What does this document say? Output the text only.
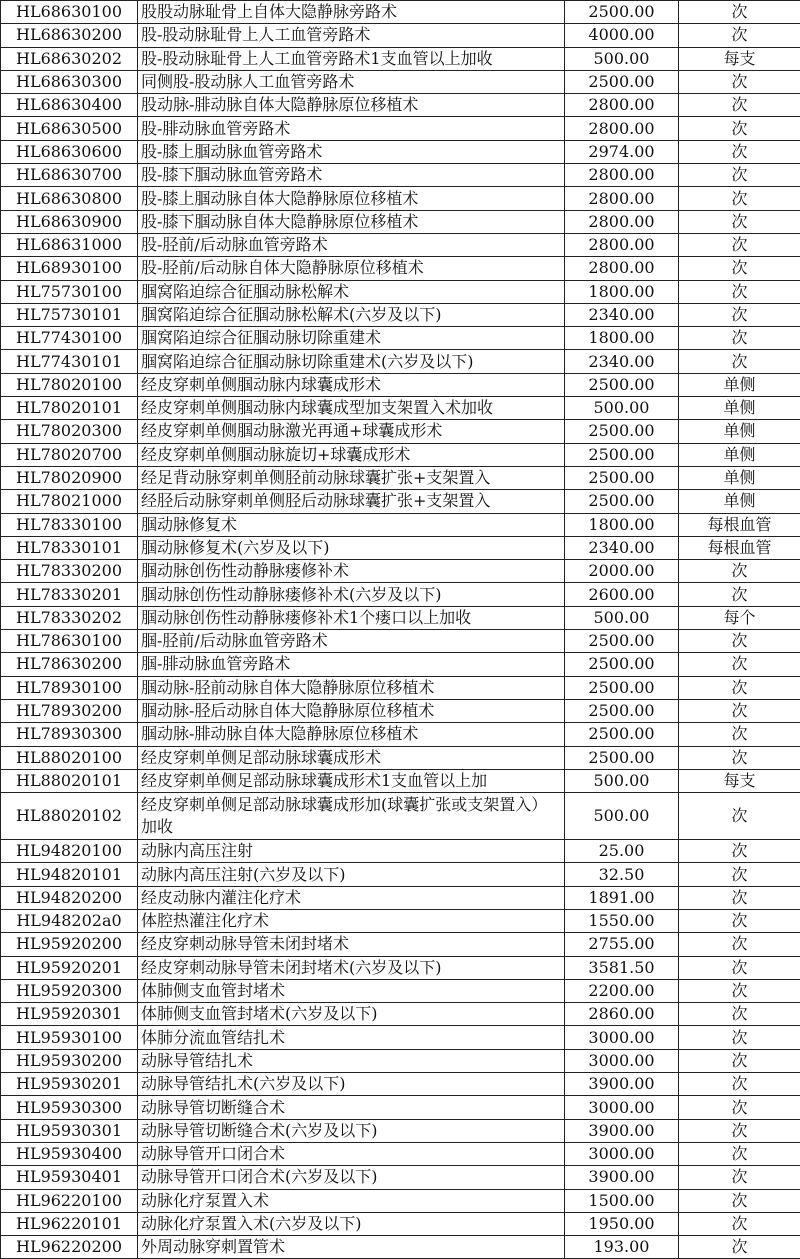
HL68630100	股股动脉耻骨上自体大隐静脉旁路术	2500.00	次
HL68630200	股-股动脉耻骨上人工血管旁路术	4000.00	次
HL68630202	股-股动脉耻骨上人工血管旁路术1支血管以上加收	500.00	每支
HL68630300	同侧股-股动脉人工血管旁路术	2500.00	次
HL68630400	股动脉-腓动脉自体大隐静脉原位移植术	2800.00	次
HL68630500	股-腓动脉血管旁路术	2800.00	次
HL68630600	股-膝上腘动脉血管旁路术	2974.00	次
HL68630700	股-膝下腘动脉血管旁路术	2800.00	次
HL68630800	股-膝上腘动脉自体大隐静脉原位移植术	2800.00	次
HL68630900	股-膝下腘动脉自体大隐静脉原位移植术	2800.00	次
HL68631000	股-胫前/后动脉血管旁路术	2800.00	次
HL68930100	股-胫前/后动脉自体大隐静脉原位移植术	2800.00	次
HL75730100	腘窝陷迫综合征腘动脉松解术	1800.00	次
HL75730101	腘窝陷迫综合征腘动脉松解术(六岁及以下)	2340.00	次
HL77430100	腘窝陷迫综合征腘动脉切除重建术	1800.00	次
HL77430101	腘窝陷迫综合征腘动脉切除重建术(六岁及以下)	2340.00	次
HL78020100	经皮穿刺单侧腘动脉内球囊成形术	2500.00	单侧
HL78020101	经皮穿刺单侧腘动脉内球囊成型加支架置入术加收	500.00	单侧
HL78020300	经皮穿刺单侧腘动脉激光再通+球囊成形术	2500.00	单侧
HL78020700	经皮穿刺单侧腘动脉旋切+球囊成形术	2500.00	单侧
HL78020900	经足背动脉穿刺单侧胫前动脉球囊扩张+支架置入	2500.00	单侧
HL78021000	经胫后动脉穿刺单侧胫后动脉球囊扩张+支架置入	2500.00	单侧
HL78330100	腘动脉修复术	1800.00	每根血管
HL78330101	腘动脉修复术(六岁及以下)	2340.00	每根血管
HL78330200	腘动脉创伤性动静脉瘘修补术	2000.00	次
HL78330201	腘动脉创伤性动静脉瘘修补术(六岁及以下)	2600.00	次
HL78330202	腘动脉创伤性动静脉瘘修补术1个瘘口以上加收	500.00	每个
HL78630100	腘-胫前/后动脉血管旁路术	2500.00	次
HL78630200	腘-腓动脉血管旁路术	2500.00	次
HL78930100	腘动脉-胫前动脉自体大隐静脉原位移植术	2500.00	次
HL78930200	腘动脉-胫后动脉自体大隐静脉原位移植术	2500.00	次
HL78930300	腘动脉-腓动脉自体大隐静脉原位移植术	2500.00	次
HL88020100	经皮穿刺单侧足部动脉球囊成形术	2500.00	次
HL88020101	经皮穿刺单侧足部动脉球囊成形术1支血管以上加	500.00	每支
HL88020102	经皮穿刺单侧足部动脉球囊成形加(球囊扩张或支架置入）加收	500.00	次
HL94820100	动脉内高压注射	25.00	次
HL94820101	动脉内高压注射(六岁及以下)	32.50	次
HL94820200	经皮动脉内灌注化疗术	1891.00	次
HL948202a0	体腔热灌注化疗术	1550.00	次
HL95920200	经皮穿刺动脉导管未闭封堵术	2755.00	次
HL95920201	经皮穿刺动脉导管未闭封堵术(六岁及以下)	3581.50	次
HL95920300	体肺侧支血管封堵术	2200.00	次
HL95920301	体肺侧支血管封堵术(六岁及以下)	2860.00	次
HL95930100	体肺分流血管结扎术	3000.00	次
HL95930200	动脉导管结扎术	3000.00	次
HL95930201	动脉导管结扎术(六岁及以下)	3900.00	次
HL95930300	动脉导管切断缝合术	3000.00	次
HL95930301	动脉导管切断缝合术(六岁及以下)	3900.00	次
HL95930400	动脉导管开口闭合术	3000.00	次
HL95930401	动脉导管开口闭合术(六岁及以下)	3900.00	次
HL96220100	动脉化疗泵置入术	1500.00	次
HL96220101	动脉化疗泵置入术(六岁及以下)	1950.00	次
HL96220200	外周动脉穿刺置管术	193.00	次
